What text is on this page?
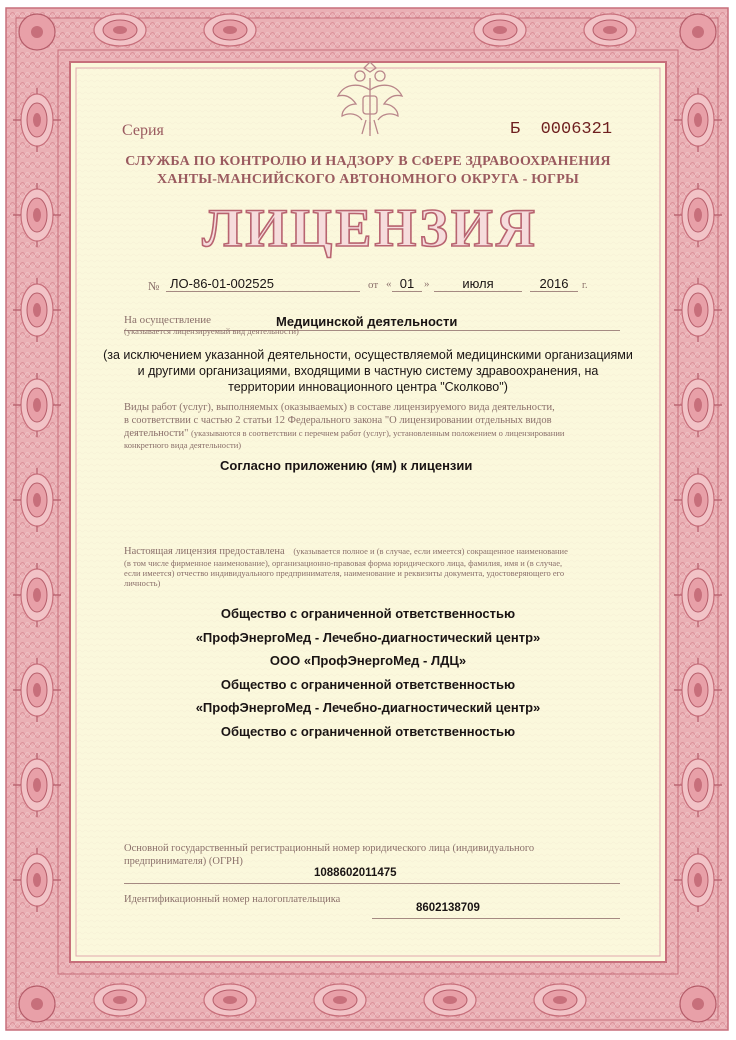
Серия	Б 0006321
СЛУЖБА ПО КОНТРОЛЮ И НАДЗОРУ В СФЕРЕ ЗДРАВООХРАНЕНИЯ
ХАНТЫ-МАНСИЙСКОГО АВТОНОМНОГО ОКРУГА - ЮГРЫ
ЛИЦЕНЗИЯ
№ ЛО-86-01-002525	от « 01 »	июля	2016	г.
На осуществление	Медицинской деятельности
(указывается лицензируемый вид деятельности)
(за исключением указанной деятельности, осуществляемой медицинскими организациями
и другими организациями, входящими в частную систему здравоохранения, на
территории инновационного центра "Сколково")
Виды работ (услуг), выполняемых (оказываемых) в составе лицензируемого вида деятельности,
в соответствии с частью 2 статьи 12 Федерального закона "О лицензировании отдельных видов
деятельности" (указываются в соответствии с перечнем работ (услуг), установленным положением о лицензировании
конкретного вида деятельности)
Согласно приложению (ям) к лицензии
Настоящая лицензия предоставлена (указывается полное и (в случае, если имеется) сокращенное наименование
(в том числе фирменное наименование), организационно-правовая форма юридического лица, фамилия, имя и (в случае,
если имеется) отчество индивидуального предпринимателя, наименование и реквизиты документа, удостоверяющего его
личность)
Общество с ограниченной ответственностью
«ПрофЭнергоМед - Лечебно-диагностический центр»
ООО «ПрофЭнергоМед - ЛДЦ»
Общество с ограниченной ответственностью
«ПрофЭнергоМед - Лечебно-диагностический центр»
Общество с ограниченной ответственностью
Основной государственный регистрационный номер юридического лица (индивидуального
предпринимателя) (ОГРН)
1088602011475
Идентификационный номер налогоплательщика
8602138709
